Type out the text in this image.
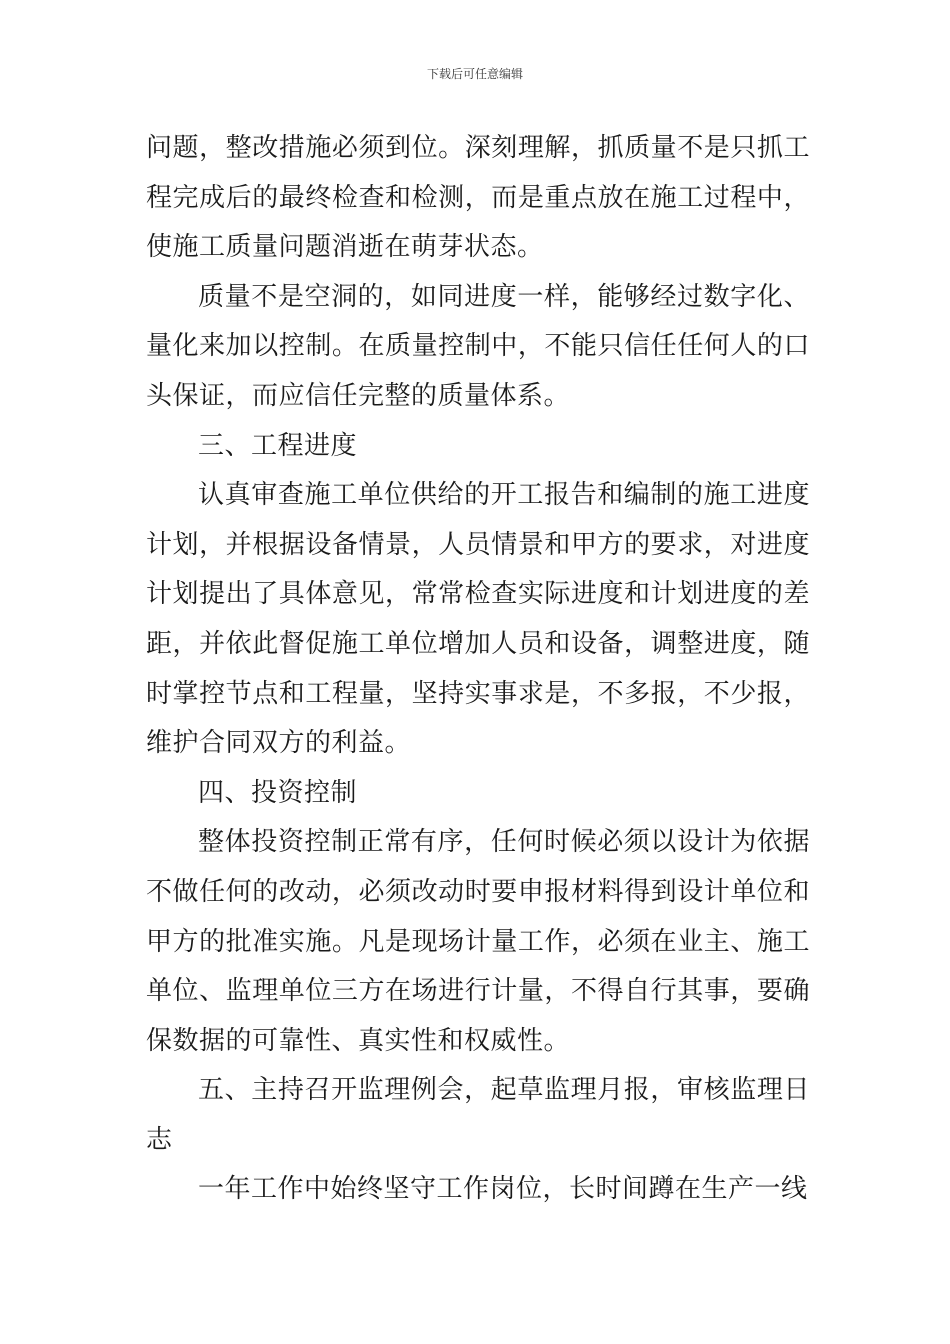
下载后可任意编辑

问题，整改措施必须到位。深刻理解，抓质量不是只抓工程完成后的最终检查和检测，而是重点放在施工过程中，使施工质量问题消逝在萌芽状态。

质量不是空洞的，如同进度一样，能够经过数字化、量化来加以控制。在质量控制中，不能只信任任何人的口头保证，而应信任完整的质量体系。

三、工程进度

认真审查施工单位供给的开工报告和编制的施工进度计划，并根据设备情景，人员情景和甲方的要求，对进度计划提出了具体意见，常常检查实际进度和计划进度的差距，并依此督促施工单位增加人员和设备，调整进度，随时掌控节点和工程量，坚持实事求是，不多报，不少报，维护合同双方的利益。

四、投资控制

整体投资控制正常有序，任何时候必须以设计为依据不做任何的改动，必须改动时要申报材料得到设计单位和甲方的批准实施。凡是现场计量工作，必须在业主、施工单位、监理单位三方在场进行计量，不得自行其事，要确保数据的可靠性、真实性和权威性。

五、主持召开监理例会，起草监理月报，审核监理日志

一年工作中始终坚守工作岗位，长时间蹲在生产一线
